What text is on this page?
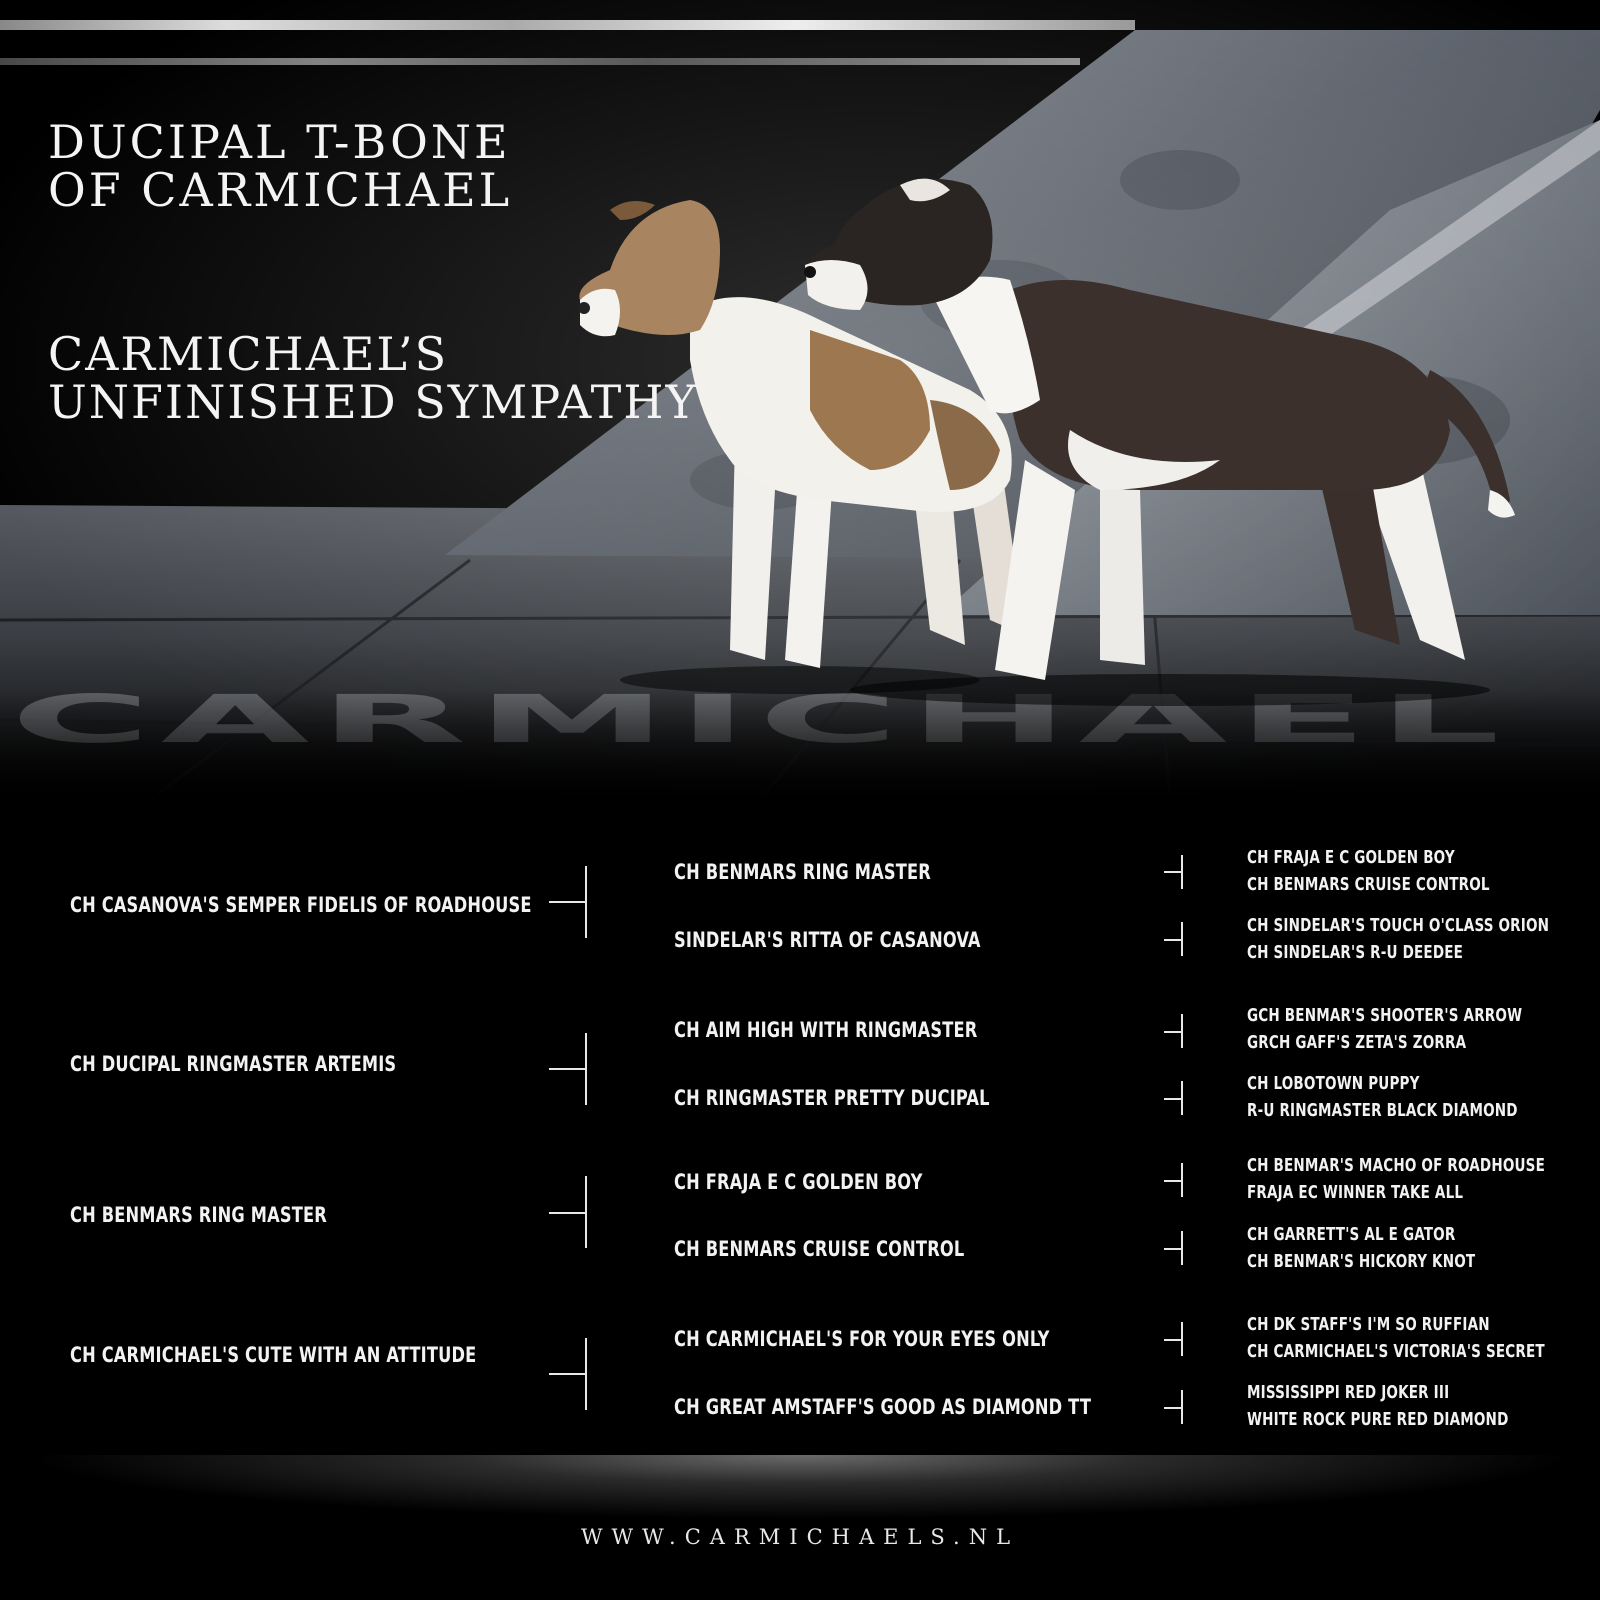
DUCIPAL T-BONE
OF CARMICHAEL
CARMICHAEL’S
UNFINISHED SYMPATHY
CH CASANOVA'S SEMPER FIDELIS OF ROADHOUSE
CH DUCIPAL RINGMASTER ARTEMIS
CH BENMARS RING MASTER
CH CARMICHAEL'S CUTE WITH AN ATTITUDE
CH BENMARS RING MASTER
SINDELAR'S RITTA OF CASANOVA
CH AIM HIGH WITH RINGMASTER
CH RINGMASTER PRETTY DUCIPAL
CH FRAJA E C GOLDEN BOY
CH BENMARS CRUISE CONTROL
CH CARMICHAEL'S FOR YOUR EYES ONLY
CH GREAT AMSTAFF'S GOOD AS DIAMOND TT
CH FRAJA E C GOLDEN BOY
CH BENMARS CRUISE CONTROL
CH SINDELAR'S TOUCH O'CLASS ORION
CH SINDELAR'S R-U DEEDEE
GCH BENMAR'S SHOOTER'S ARROW
GRCH GAFF'S ZETA'S ZORRA
CH LOBOTOWN PUPPY
R-U RINGMASTER BLACK DIAMOND
CH BENMAR'S MACHO OF ROADHOUSE
FRAJA EC WINNER TAKE ALL
CH GARRETT'S AL E GATOR
CH BENMAR'S HICKORY KNOT
CH DK STAFF'S I'M SO RUFFIAN
CH CARMICHAEL'S VICTORIA'S SECRET
MISSISSIPPI RED JOKER III
WHITE ROCK PURE RED DIAMOND
WWW.CARMICHAELS.NL
